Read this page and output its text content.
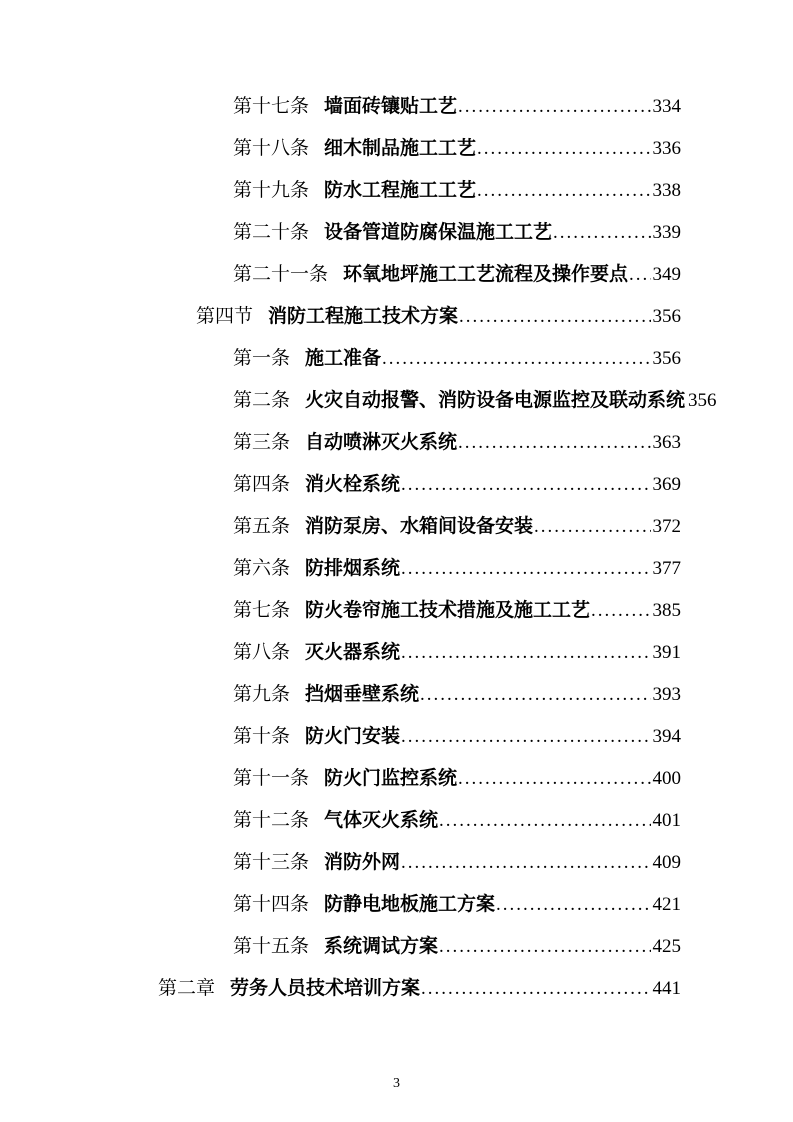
第十七条 墙面砖镶贴工艺 .....	334
第十八条 细木制品施工工艺 .....	336
第十九条 防水工程施工工艺 .....	338
第二十条 设备管道防腐保温施工工艺 .....	339
第二十一条 环氧地坪施工工艺流程及操作要点 ..... 349
第四节 消防工程施工技术方案 .....	356
第一条 施工准备 .....	356
第二条 火灾自动报警、消防设备电源监控及联动系统 ..... 356
第三条 自动喷淋灭火系统 .....	363
第四条 消火栓系统 .....	369
第五条 消防泵房、水箱间设备安装 .....	372
第六条 防排烟系统 .....	377
第七条 防火卷帘施工技术措施及施工工艺 .....	385
第八条 灭火器系统 .....	391
第九条 挡烟垂壁系统 .....	393
第十条 防火门安装 .....	394
第十一条 防火门监控系统 .....	400
第十二条 气体灭火系统 .....	401
第十三条 消防外网 .....	409
第十四条 防静电地板施工方案 .....	421
第十五条 系统调试方案 .....	425
第二章 劳务人员技术培训方案 .....	441
3
